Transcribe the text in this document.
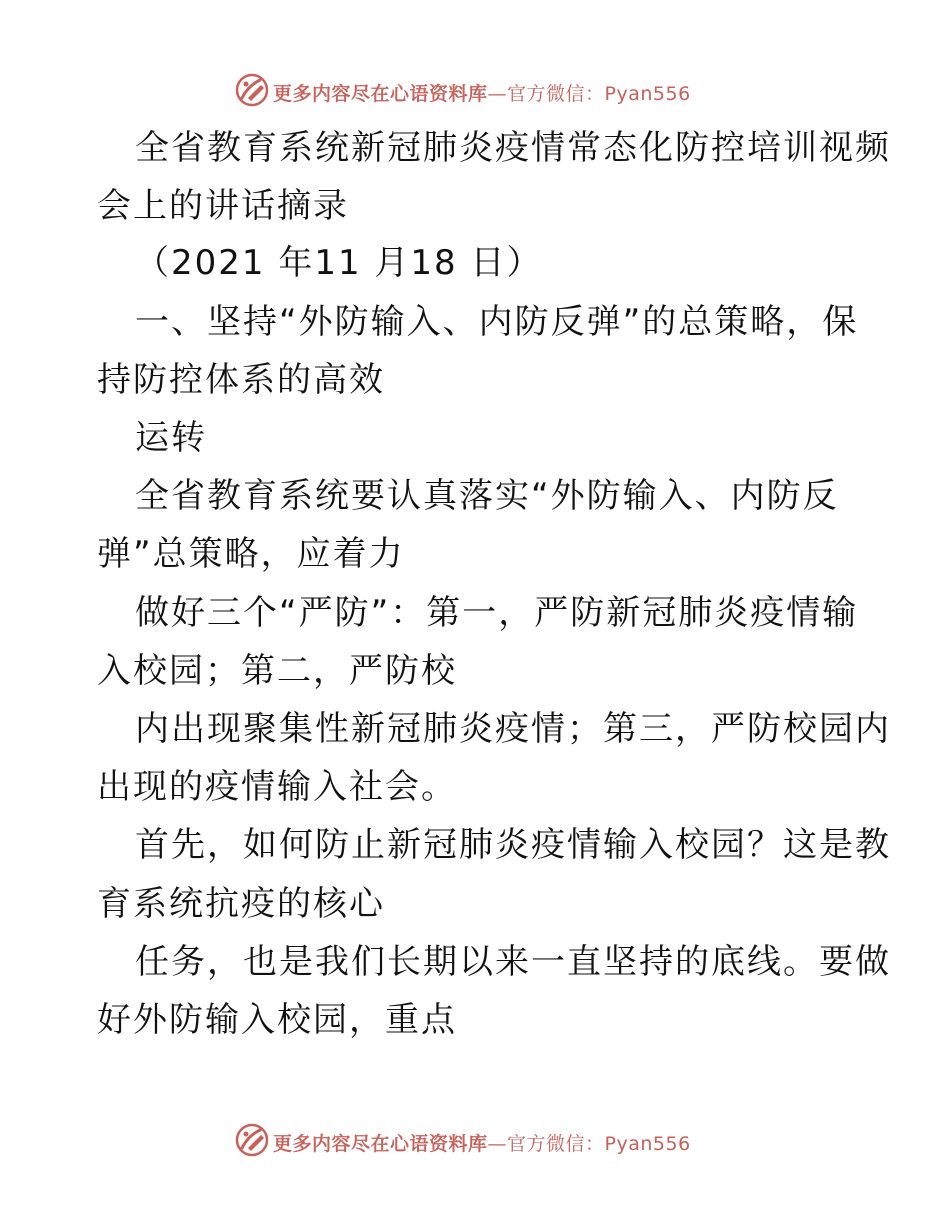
更多内容尽在心语资料库—官方微信：Pyan556
全省教育系统新冠肺炎疫情常态化防控培训视频
会上的讲话摘录
（2021 年11 月18 日）
一、坚持“外防输入、内防反弹”的总策略，保
持防控体系的高效
运转
全省教育系统要认真落实“外防输入、内防反
弹”总策略，应着力
做好三个“严防”：第一，严防新冠肺炎疫情输
入校园；第二，严防校
内出现聚集性新冠肺炎疫情；第三，严防校园内
出现的疫情输入社会。
首先，如何防止新冠肺炎疫情输入校园？这是教
育系统抗疫的核心
任务，也是我们长期以来一直坚持的底线。要做
好外防输入校园，重点
更多内容尽在心语资料库—官方微信：Pyan556
